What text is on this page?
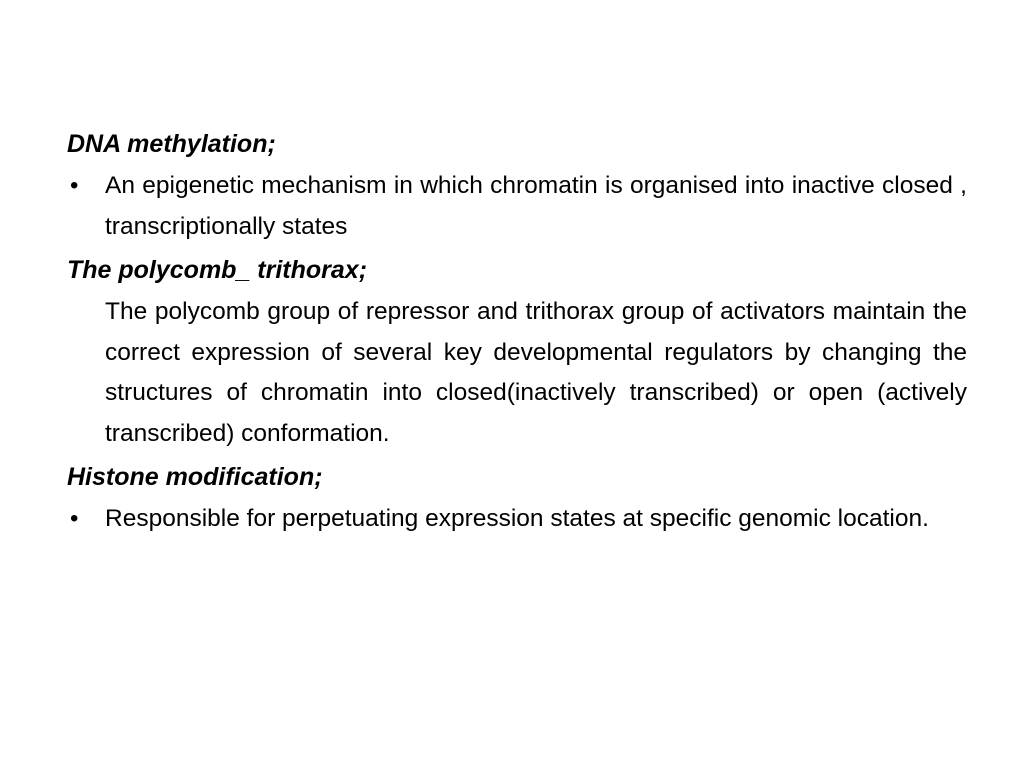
DNA methylation;
• An epigenetic mechanism in which chromatin is organised into inactive closed , transcriptionally states
The polycomb_ trithorax;
The polycomb group of repressor and trithorax group of activators maintain the correct expression of several key developmental regulators by changing the structures of chromatin into closed(inactively transcribed) or open (actively transcribed) conformation.
Histone modification;
• Responsible for perpetuating expression states at specific genomic location.
